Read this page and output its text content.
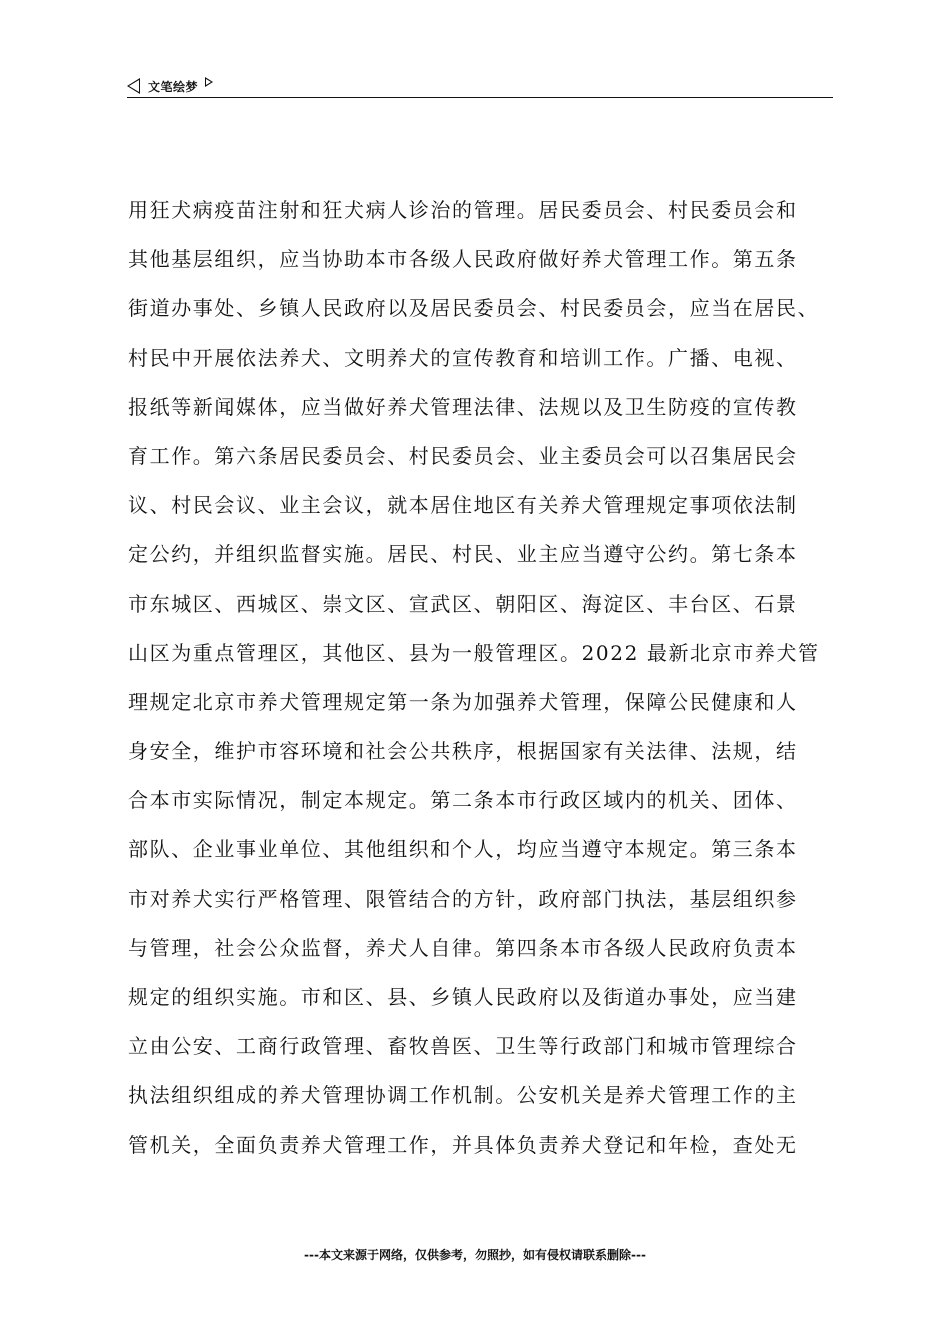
文笔绘梦
用狂犬病疫苗注射和狂犬病人诊治的管理。居民委员会、村民委员会和
其他基层组织，应当协助本市各级人民政府做好养犬管理工作。第五条
街道办事处、乡镇人民政府以及居民委员会、村民委员会，应当在居民、
村民中开展依法养犬、文明养犬的宣传教育和培训工作。广播、电视、
报纸等新闻媒体，应当做好养犬管理法律、法规以及卫生防疫的宣传教
育工作。第六条居民委员会、村民委员会、业主委员会可以召集居民会
议、村民会议、业主会议，就本居住地区有关养犬管理规定事项依法制
定公约，并组织监督实施。居民、村民、业主应当遵守公约。第七条本
市东城区、西城区、崇文区、宣武区、朝阳区、海淀区、丰台区、石景
山区为重点管理区，其他区、县为一般管理区。2022 最新北京市养犬管
理规定北京市养犬管理规定第一条为加强养犬管理，保障公民健康和人
身安全，维护市容环境和社会公共秩序，根据国家有关法律、法规，结
合本市实际情况，制定本规定。第二条本市行政区域内的机关、团体、
部队、企业事业单位、其他组织和个人，均应当遵守本规定。第三条本
市对养犬实行严格管理、限管结合的方针，政府部门执法，基层组织参
与管理，社会公众监督，养犬人自律。第四条本市各级人民政府负责本
规定的组织实施。市和区、县、乡镇人民政府以及街道办事处，应当建
立由公安、工商行政管理、畜牧兽医、卫生等行政部门和城市管理综合
执法组织组成的养犬管理协调工作机制。公安机关是养犬管理工作的主
管机关，全面负责养犬管理工作，并具体负责养犬登记和年检，查处无
---本文来源于网络，仅供参考，勿照抄，如有侵权请联系删除---
